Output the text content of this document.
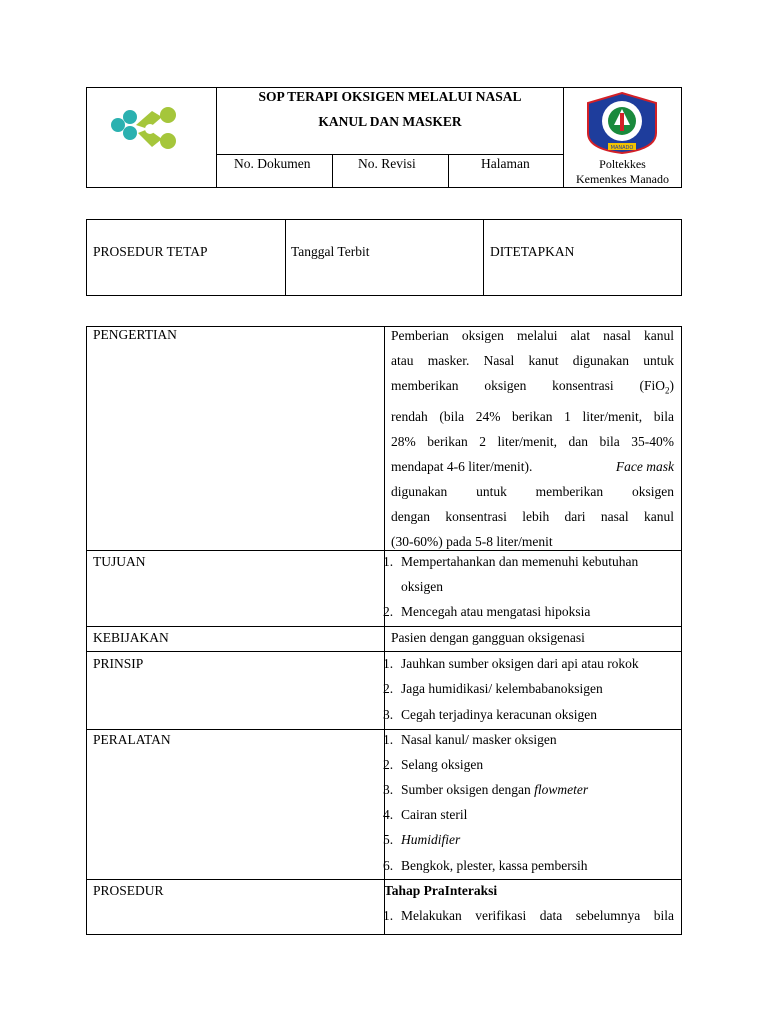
SOP TERAPI OKSIGEN MELALUI NASAL
KANUL DAN MASKER
No. Dokumen	No. Revisi	Halaman
MANADO
Poltekkes
Kemenkes Manado
PROSEDUR TETAP	Tanggal Terbit	DITETAPKAN
PENGERTIAN	Pemberian oksigen melalui alat nasal kanul
atau masker. Nasal kanut digunakan untuk
memberikan oksigen konsentrasi (FiO$_2$)
rendah (bila 24% berikan 1 liter/menit, bila
28% berikan 2 liter/menit, dan bila 35-40%
mendapat 4-6 liter/menit).	Face mask
digunakan untuk memberikan oksigen
dengan konsentrasi lebih dari nasal kanul
(30-60%) pada 5-8 liter/menit
TUJUAN	1. Mempertahankan dan memenuhi kebutuhan
oksigen
2. Mencegah atau mengatasi hipoksia
KEBIJAKAN	Pasien dengan gangguan oksigenasi
PRINSIP	1. Jauhkan sumber oksigen dari api atau rokok
2. Jaga humidikasi/ kelembabanoksigen
3. Cegah terjadinya keracunan oksigen
PERALATAN	1. Nasal kanul/ masker oksigen
2. Selang oksigen
3. Sumber oksigen dengan flowmeter
4. Cairan steril
5. Humidifier
6. Bengkok, plester, kassa pembersih
PROSEDUR	Tahap PraInteraksi
1. Melakukan verifikasi data sebelumnya bila
